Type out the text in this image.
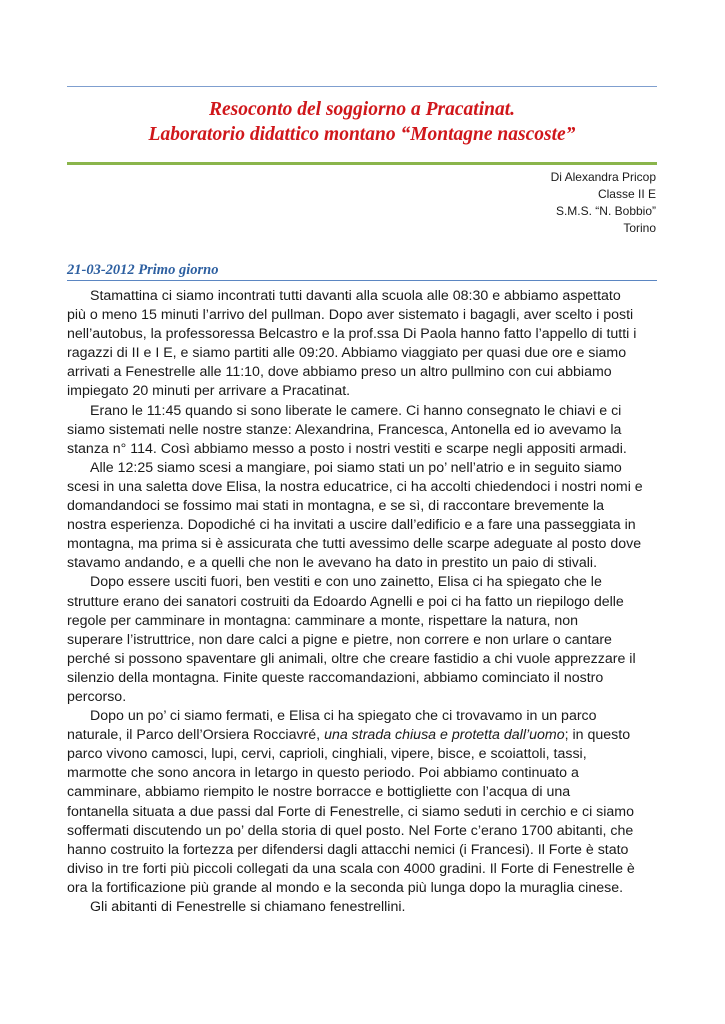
Resoconto del soggiorno a Pracatinat.
Laboratorio didattico montano “Montagne nascoste”
Di Alexandra Pricop
Classe II E
S.M.S. “N. Bobbio”
Torino
21-03-2012 Primo giorno
Stamattina ci siamo incontrati tutti davanti alla scuola alle 08:30 e abbiamo aspettato
più o meno 15 minuti l’arrivo del pullman. Dopo aver sistemato i bagagli, aver scelto i posti
nell’autobus, la professoressa Belcastro e la prof.ssa Di Paola hanno fatto l’appello di tutti i
ragazzi di II e I E, e siamo partiti alle 09:20. Abbiamo viaggiato per quasi due ore e siamo
arrivati a Fenestrelle alle 11:10, dove abbiamo preso un altro pullmino con cui abbiamo
impiegato 20 minuti per arrivare a Pracatinat.
Erano le 11:45 quando si sono liberate le camere. Ci hanno consegnato le chiavi e ci
siamo sistemati nelle nostre stanze: Alexandrina, Francesca, Antonella ed io avevamo la
stanza n° 114. Così abbiamo messo a posto i nostri vestiti e scarpe negli appositi armadi.
Alle 12:25 siamo scesi a mangiare, poi siamo stati un po’ nell’atrio e in seguito siamo
scesi in una saletta dove Elisa, la nostra educatrice, ci ha accolti chiedendoci i nostri nomi e
domandandoci se fossimo mai stati in montagna, e se sì, di raccontare brevemente la
nostra esperienza. Dopodiché ci ha invitati a uscire dall’edificio e a fare una passeggiata in
montagna, ma prima si è assicurata che tutti avessimo delle scarpe adeguate al posto dove
stavamo andando, e a quelli che non le avevano ha dato in prestito un paio di stivali.
Dopo essere usciti fuori, ben vestiti e con uno zainetto, Elisa ci ha spiegato che le
strutture erano dei sanatori costruiti da Edoardo Agnelli e poi ci ha fatto un riepilogo delle
regole per camminare in montagna: camminare a monte, rispettare la natura, non
superare l’istruttrice, non dare calci a pigne e pietre, non correre e non urlare o cantare
perché si possono spaventare gli animali, oltre che creare fastidio a chi vuole apprezzare il
silenzio della montagna. Finite queste raccomandazioni, abbiamo cominciato il nostro
percorso.
Dopo un po’ ci siamo fermati, e Elisa ci ha spiegato che ci trovavamo in un parco
naturale, il Parco dell’Orsiera Rocciavré, una strada chiusa e protetta dall’uomo; in questo
parco vivono camosci, lupi, cervi, caprioli, cinghiali, vipere, bisce, e scoiattoli, tassi,
marmotte che sono ancora in letargo in questo periodo. Poi abbiamo continuato a
camminare, abbiamo riempito le nostre borracce e bottigliette con l’acqua di una
fontanella situata a due passi dal Forte di Fenestrelle, ci siamo seduti in cerchio e ci siamo
soffermati discutendo un po’ della storia di quel posto. Nel Forte c’erano 1700 abitanti, che
hanno costruito la fortezza per difendersi dagli attacchi nemici (i Francesi). Il Forte è stato
diviso in tre forti più piccoli collegati da una scala con 4000 gradini. Il Forte di Fenestrelle è
ora la fortificazione più grande al mondo e la seconda più lunga dopo la muraglia cinese.
Gli abitanti di Fenestrelle si chiamano fenestrellini.
